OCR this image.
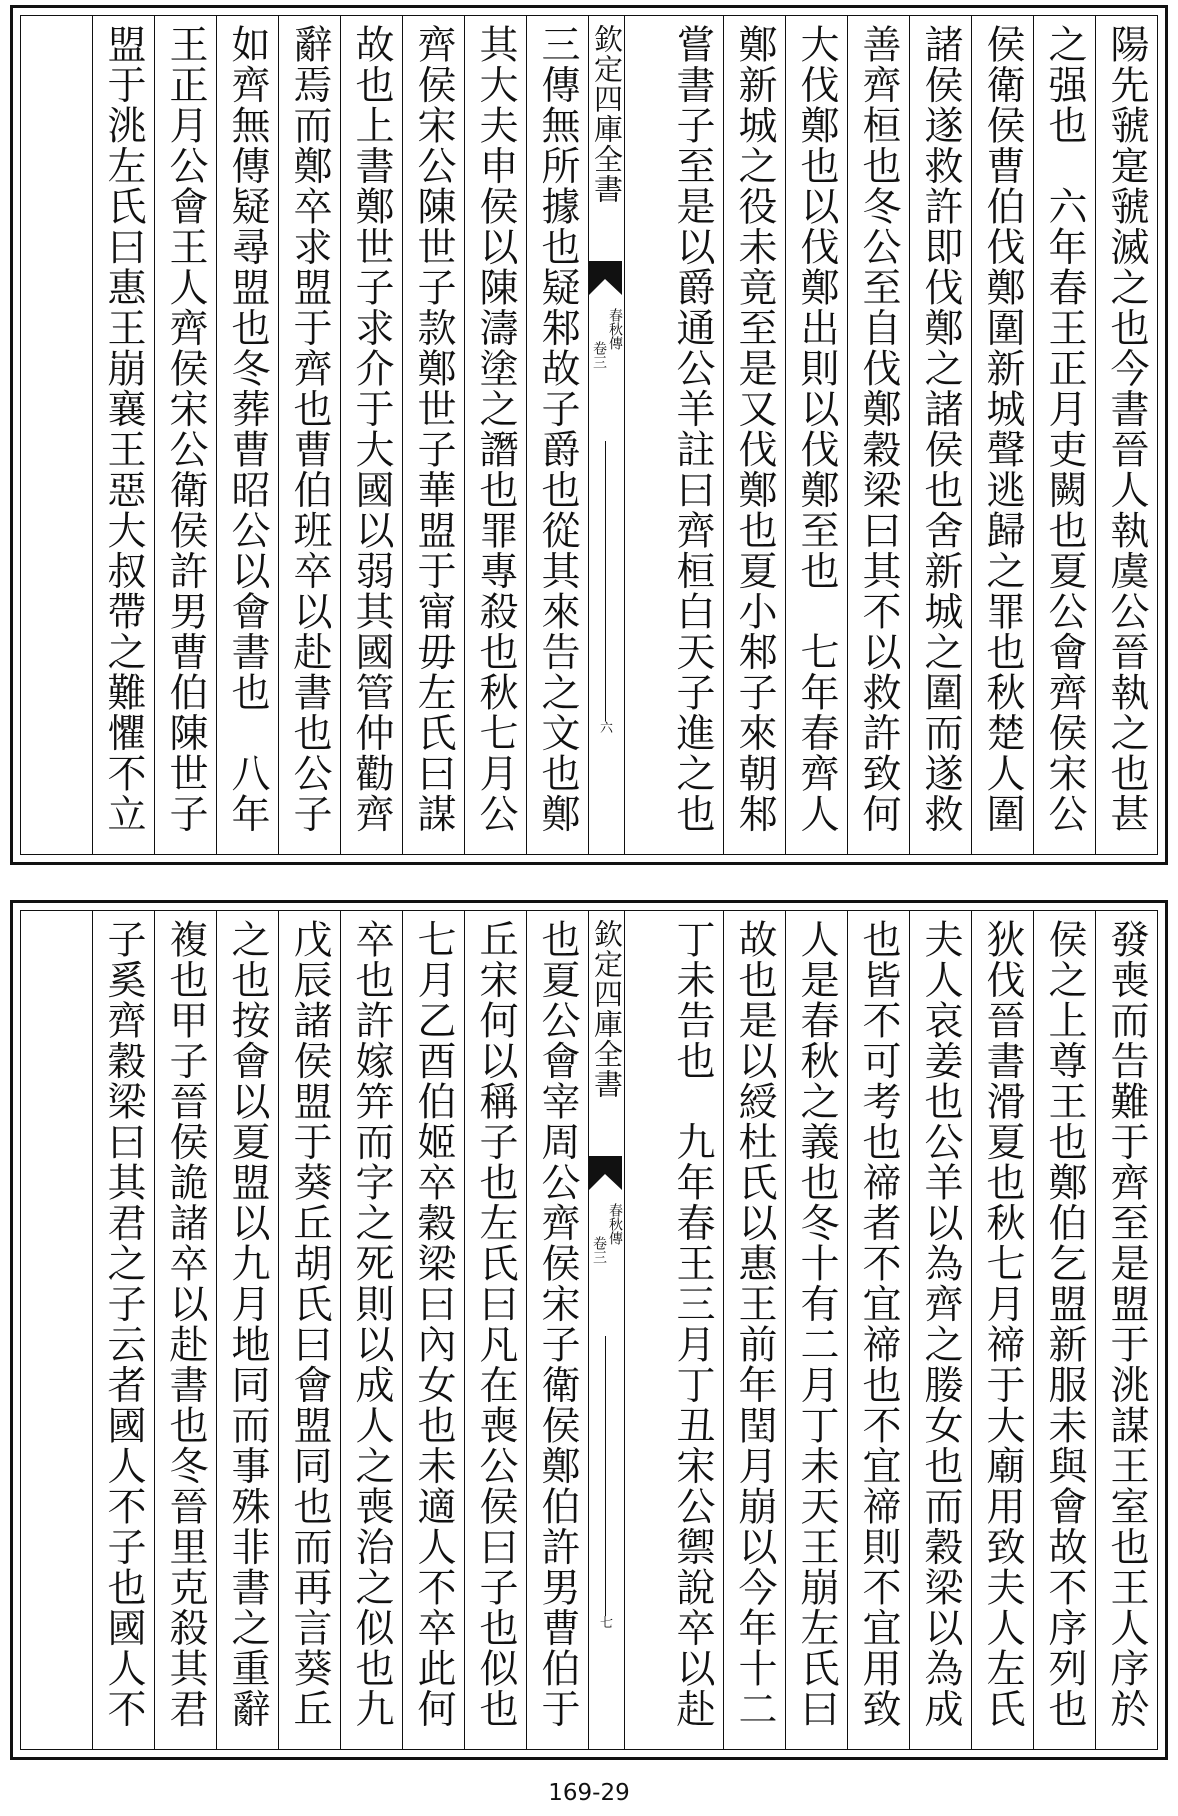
陽先虢寔虢滅之也今書晉人執虞公晉執之也甚
之强也　六年春王正月吏闕也夏公會齊侯宋公
侯衛侯曹伯伐鄭圍新城聲逃歸之罪也秋楚人圍
諸侯遂救許即伐鄭之諸侯也舍新城之圍而遂救
善齊桓也冬公至自伐鄭穀梁曰其不以救許致何
大伐鄭也以伐鄭出則以伐鄭至也　七年春齊人
鄭新城之役未竟至是又伐鄭也夏小邾子來朝邾
嘗書子至是以爵通公羊註曰齊桓白天子進之也
欽定四庫全書
春秋傳
卷三
六
三傳無所據也疑邾故子爵也從其來告之文也鄭
其大夫申侯以陳濤塗之譖也罪專殺也秋七月公
齊侯宋公陳世子款鄭世子華盟于甯毋左氏曰謀
故也上書鄭世子求介于大國以弱其國管仲勸齊
辭焉而鄭卒求盟于齊也曹伯班卒以赴書也公子
如齊無傳疑尋盟也冬葬曹昭公以會書也　八年
王正月公會王人齊侯宋公衛侯許男曹伯陳世子
盟于洮左氏曰惠王崩襄王惡大叔帶之難懼不立
發喪而告難于齊至是盟于洮謀王室也王人序於
侯之上尊王也鄭伯乞盟新服未與會故不序列也
狄伐晉書滑夏也秋七月禘于大廟用致夫人左氏
夫人哀姜也公羊以為齊之媵女也而穀梁以為成
也皆不可考也禘者不宜禘也不宜禘則不宜用致
人是春秋之義也冬十有二月丁未天王崩左氏曰
故也是以綬杜氏以惠王前年閏月崩以今年十二
丁未告也　九年春王三月丁丑宋公禦說卒以赴
欽定四庫全書
春秋傳
卷三
七
也夏公會宰周公齊侯宋子衛侯鄭伯許男曹伯于
丘宋何以稱子也左氏曰凡在喪公侯曰子也似也
七月乙酉伯姬卒穀梁曰內女也未適人不卒此何
卒也許嫁笄而字之死則以成人之喪治之似也九
戊辰諸侯盟于葵丘胡氏曰會盟同也而再言葵丘
之也按會以夏盟以九月地同而事殊非書之重辭
複也甲子晉侯詭諸卒以赴書也冬晉里克殺其君
子奚齊穀梁曰其君之子云者國人不子也國人不
169-29
